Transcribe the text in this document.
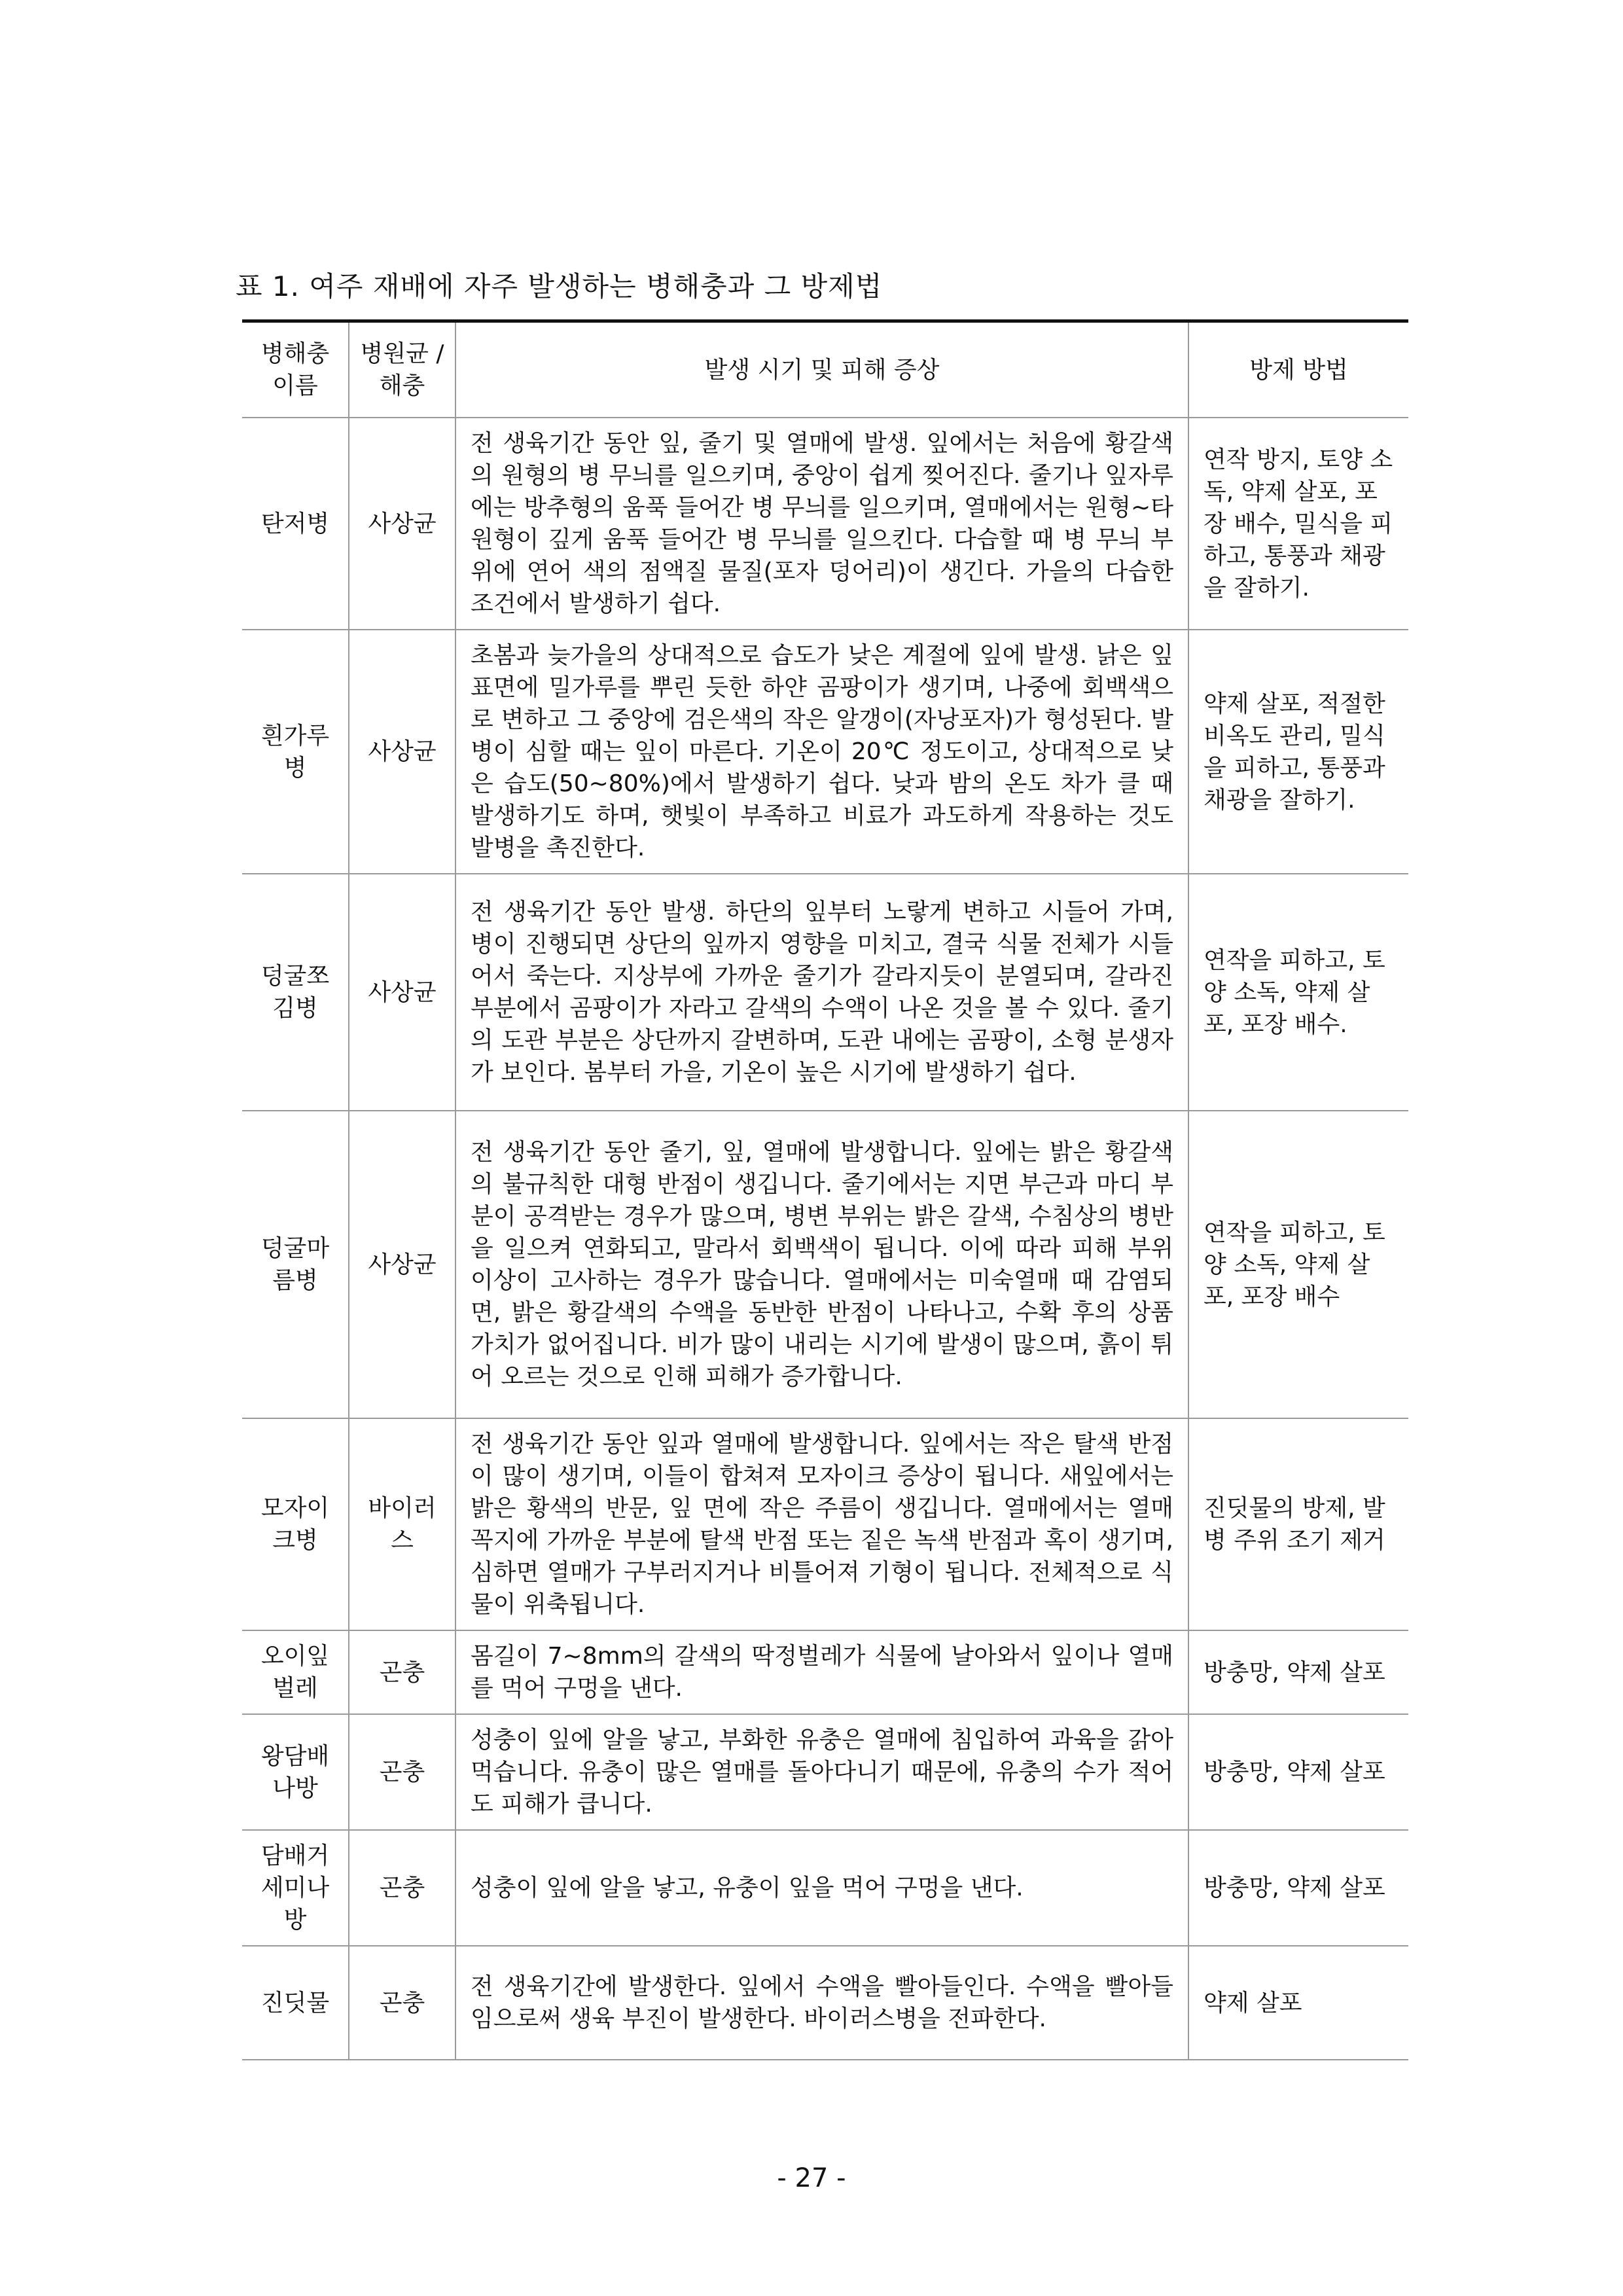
표 1. 여주 재배에 자주 발생하는 병해충과 그 방제법
병해충 이름	병원균 /해충	발생 시기 및 피해 증상	방제 방법
탄저병	사상균	전 생육기간 동안 잎, 줄기 및 열매에 발생. 잎에서는 처음에 황갈색의 원형의 병 무늬를 일으키며, 중앙이 쉽게 찢어진다. 줄기나 잎자루에는 방추형의 움푹 들어간 병 무늬를 일으키며, 열매에서는 원형~타원형이 깊게 움푹 들어간 병 무늬를 일으킨다. 다습할 때 병 무늬 부위에 연어 색의 점액질 물질(포자 덩어리)이 생긴다. 가을의 다습한 조건에서 발생하기 쉽다.	연작 방지, 토양 소독, 약제 살포, 포장 배수, 밀식을 피하고, 통풍과 채광을 잘하기.
흰가루병	사상균	초봄과 늦가을의 상대적으로 습도가 낮은 계절에 잎에 발생. 낡은 잎 표면에 밀가루를 뿌린 듯한 하얀 곰팡이가 생기며, 나중에 회백색으로 변하고 그 중앙에 검은색의 작은 알갱이(자낭포자)가 형성된다. 발병이 심할 때는 잎이 마른다. 기온이 20℃ 정도이고, 상대적으로 낮은 습도(50~80%)에서 발생하기 쉽다. 낮과 밤의 온도 차가 클 때 발생하기도 하며, 햇빛이 부족하고 비료가 과도하게 작용하는 것도 발병을 촉진한다.	약제 살포, 적절한 비옥도 관리, 밀식을 피하고, 통풍과 채광을 잘하기.
덩굴쪼김병	사상균	전 생육기간 동안 발생. 하단의 잎부터 노랗게 변하고 시들어 가며, 병이 진행되면 상단의 잎까지 영향을 미치고, 결국 식물 전체가 시들어서 죽는다. 지상부에 가까운 줄기가 갈라지듯이 분열되며, 갈라진 부분에서 곰팡이가 자라고 갈색의 수액이 나온 것을 볼 수 있다. 줄기의 도관 부분은 상단까지 갈변하며, 도관 내에는 곰팡이, 소형 분생자가 보인다. 봄부터 가을, 기온이 높은 시기에 발생하기 쉽다.	연작을 피하고, 토양 소독, 약제 살포, 포장 배수.
덩굴마름병	사상균	전 생육기간 동안 줄기, 잎, 열매에 발생합니다. 잎에는 밝은 황갈색의 불규칙한 대형 반점이 생깁니다. 줄기에서는 지면 부근과 마디 부분이 공격받는 경우가 많으며, 병변 부위는 밝은 갈색, 수침상의 병반을 일으켜 연화되고, 말라서 회백색이 됩니다. 이에 따라 피해 부위 이상이 고사하는 경우가 많습니다. 열매에서는 미숙열매 때 감염되면, 밝은 황갈색의 수액을 동반한 반점이 나타나고, 수확 후의 상품 가치가 없어집니다. 비가 많이 내리는 시기에 발생이 많으며, 흙이 튀어 오르는 것으로 인해 피해가 증가합니다.	연작을 피하고, 토양 소독, 약제 살포, 포장 배수
모자이크병	바이러스	전 생육기간 동안 잎과 열매에 발생합니다. 잎에서는 작은 탈색 반점이 많이 생기며, 이들이 합쳐져 모자이크 증상이 됩니다. 새잎에서는 밝은 황색의 반문, 잎 면에 작은 주름이 생깁니다. 열매에서는 열매 꼭지에 가까운 부분에 탈색 반점 또는 짙은 녹색 반점과 혹이 생기며, 심하면 열매가 구부러지거나 비틀어져 기형이 됩니다. 전체적으로 식물이 위축됩니다.	진딧물의 방제, 발병 주위 조기 제거
오이잎벌레	곤충	몸길이 7~8mm의 갈색의 딱정벌레가 식물에 날아와서 잎이나 열매를 먹어 구멍을 낸다.	방충망, 약제 살포
왕담배나방	곤충	성충이 잎에 알을 낳고, 부화한 유충은 열매에 침입하여 과육을 갉아먹습니다. 유충이 많은 열매를 돌아다니기 때문에, 유충의 수가 적어도 피해가 큽니다.	방충망, 약제 살포
담배거세미나방	곤충	성충이 잎에 알을 낳고, 유충이 잎을 먹어 구멍을 낸다.	방충망, 약제 살포
진딧물	곤충	전 생육기간에 발생한다. 잎에서 수액을 빨아들인다. 수액을 빨아들임으로써 생육 부진이 발생한다. 바이러스병을 전파한다.	약제 살포
- 27 -
